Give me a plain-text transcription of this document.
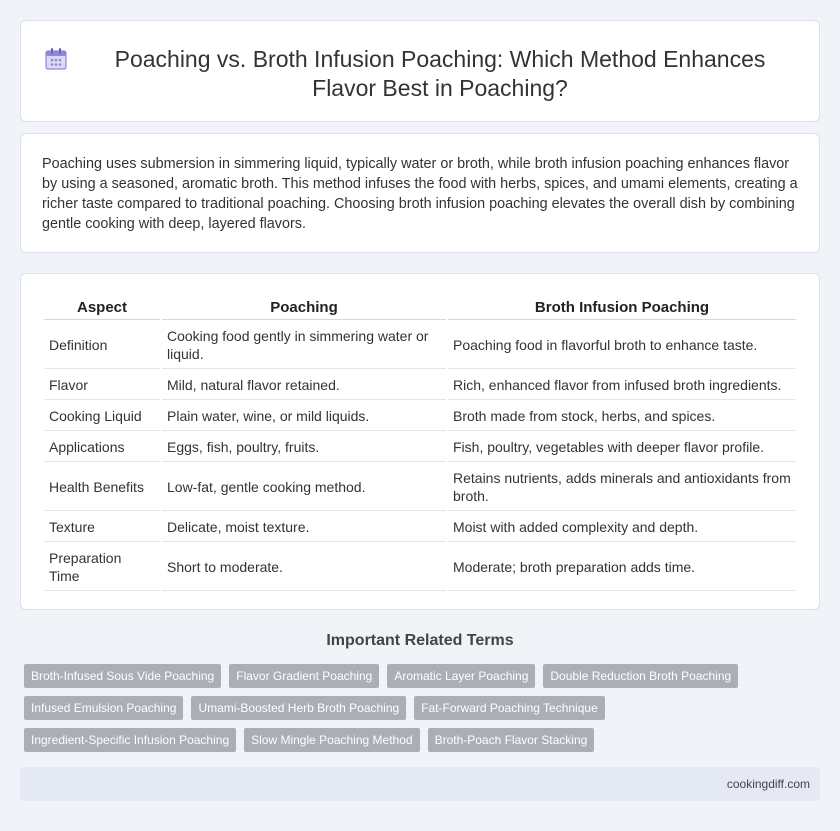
Poaching vs. Broth Infusion Poaching: Which Method Enhances Flavor Best in Poaching?

Poaching uses submersion in simmering liquid, typically water or broth, while broth infusion poaching enhances flavor by using a seasoned, aromatic broth. This method infuses the food with herbs, spices, and umami elements, creating a richer taste compared to traditional poaching. Choosing broth infusion poaching elevates the overall dish by combining gentle cooking with deep, layered flavors.

Aspect	Poaching	Broth Infusion Poaching
Definition	Cooking food gently in simmering water or liquid.	Poaching food in flavorful broth to enhance taste.
Flavor	Mild, natural flavor retained.	Rich, enhanced flavor from infused broth ingredients.
Cooking Liquid	Plain water, wine, or mild liquids.	Broth made from stock, herbs, and spices.
Applications	Eggs, fish, poultry, fruits.	Fish, poultry, vegetables with deeper flavor profile.
Health Benefits	Low-fat, gentle cooking method.	Retains nutrients, adds minerals and antioxidants from broth.
Texture	Delicate, moist texture.	Moist with added complexity and depth.
Preparation Time	Short to moderate.	Moderate; broth preparation adds time.
Important Related Terms
Broth-Infused Sous Vide Poaching	Flavor Gradient Poaching	Aromatic Layer Poaching	Double Reduction Broth Poaching
Infused Emulsion Poaching	Umami-Boosted Herb Broth Poaching	Fat-Forward Poaching Technique
Ingredient-Specific Infusion Poaching	Slow Mingle Poaching Method	Broth-Poach Flavor Stacking
cookingdiff.com
